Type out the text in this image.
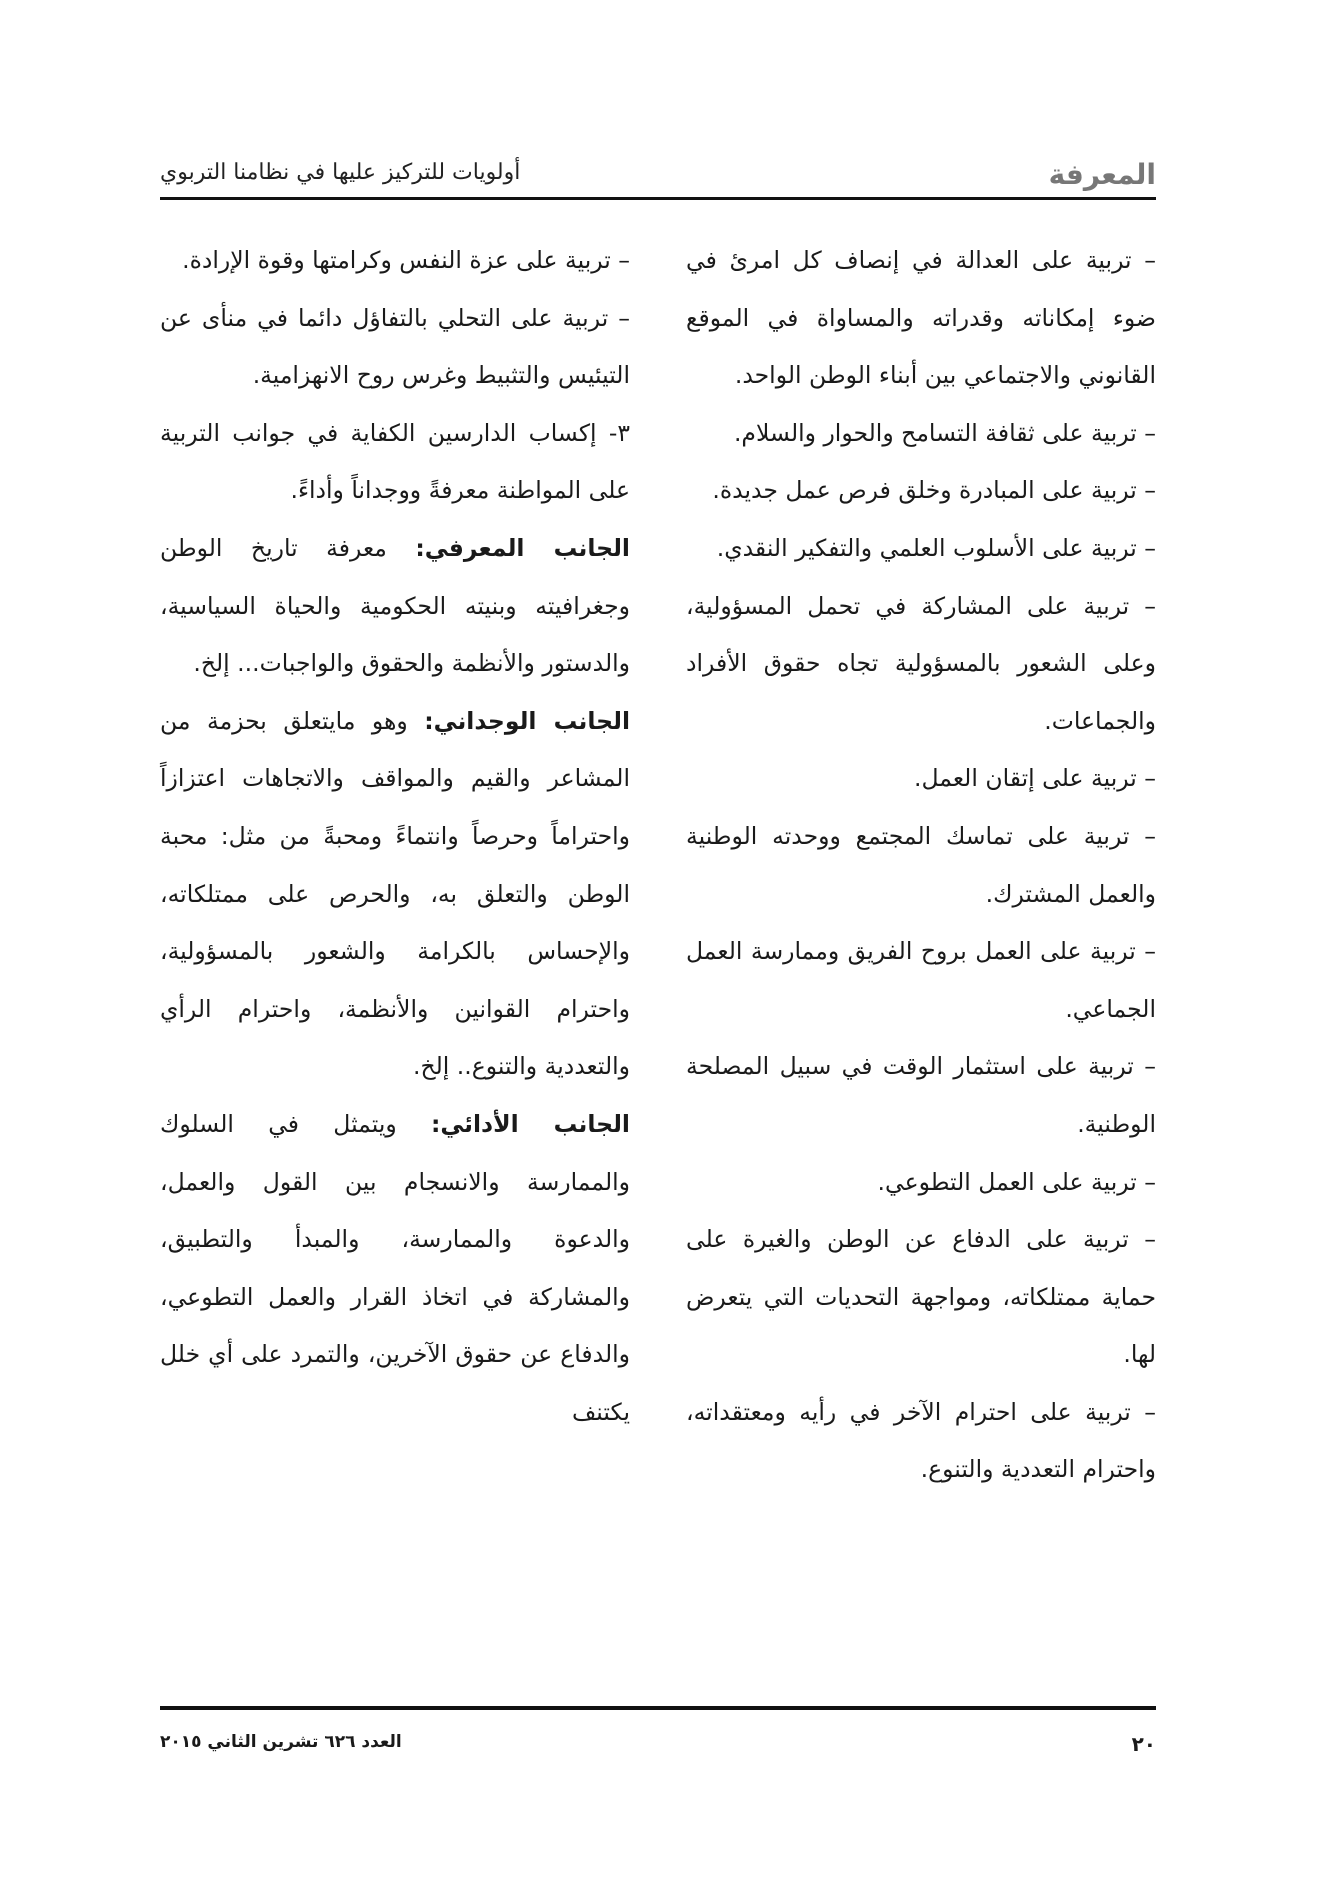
المعرفة
أولويات للتركيز عليها في نظامنا التربوي

– تربية على العدالة في إنصاف كل امرئ في ضوء إمكاناته وقدراته والمساواة في الموقع القانوني والاجتماعي بين أبناء الوطن الواحد.

– تربية على ثقافة التسامح والحوار والسلام.

– تربية على المبادرة وخلق فرص عمل جديدة.

– تربية على الأسلوب العلمي والتفكير النقدي.

– تربية على المشاركة في تحمل المسؤولية، وعلى الشعور بالمسؤولية تجاه حقوق الأفراد والجماعات.

– تربية على إتقان العمل.

– تربية على تماسك المجتمع ووحدته الوطنية والعمل المشترك.

– تربية على العمل بروح الفريق وممارسة العمل الجماعي.

– تربية على استثمار الوقت في سبيل المصلحة الوطنية.

– تربية على العمل التطوعي.

– تربية على الدفاع عن الوطن والغيرة على حماية ممتلكاته، ومواجهة التحديات التي يتعرض لها.

– تربية على احترام الآخر في رأيه ومعتقداته، واحترام التعددية والتنوع.

– تربية على عزة النفس وكرامتها وقوة الإرادة.

– تربية على التحلي بالتفاؤل دائما في منأى عن التيئيس والتثبيط وغرس روح الانهزامية.

٣- إكساب الدارسين الكفاية في جوانب التربية على المواطنة معرفةً ووجداناً وأداءً.

الجانب المعرفي: معرفة تاريخ الوطن وجغرافيته وبنيته الحكومية والحياة السياسية، والدستور والأنظمة والحقوق والواجبات... إلخ.

الجانب الوجداني: وهو مايتعلق بحزمة من المشاعر والقيم والمواقف والاتجاهات اعتزازاً واحتراماً وحرصاً وانتماءً ومحبةً من مثل: محبة الوطن والتعلق به، والحرص على ممتلكاته، والإحساس بالكرامة والشعور بالمسؤولية، واحترام القوانين والأنظمة، واحترام الرأي والتعددية والتنوع.. إلخ.

الجانب الأدائي: ويتمثل في السلوك والممارسة والانسجام بين القول والعمل، والدعوة والممارسة، والمبدأ والتطبيق، والمشاركة في اتخاذ القرار والعمل التطوعي، والدفاع عن حقوق الآخرين، والتمرد على أي خلل يكتنف

٢٠
العدد ٦٢٦ تشرين الثاني ٢٠١٥
